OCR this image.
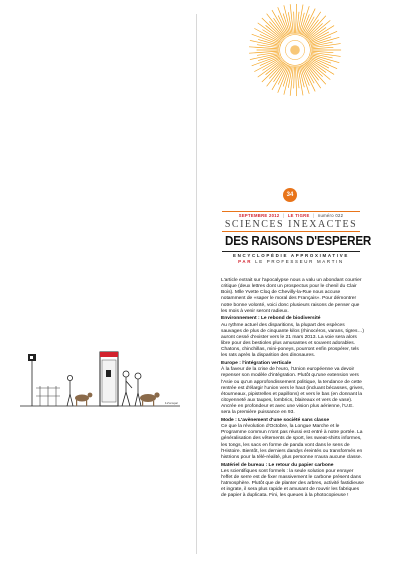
34
SEPTEMBRE 2012 | LE TIGRE | numéro 022
SCIENCES INEXACTES
DES RAISONS D'ESPERER
ENCYCLOPÉDIE APPROXIMATIVE
PAR LE PROFESSEUR MARTIN

L'article extrait sur l'apocalypse nous a valu un abondant courrier critique (deux lettres dont un prospectus pour le chenil du Clair Bois). Mlle Yvette Cloq de Chevilly-la-Rue nous accuse notamment de «saper le moral des Français». Pour démontrer notre bonne volonté, voici donc plusieurs raisons de penser que les mois à venir seront radieux.

Environnement : Le rebond de biodiversité

Au rythme actuel des disparitions, la plupart des espèces sauvages de plus de cinquante kilos (rhinocéros, varans, tigres…) auront cessé d'exister vers le 21 mars 2013. La voie sera alors libre pour des bestioles plus amusantes et souvent adorables. Chatons, chinchillas, mini-poneys, pourront enfin prospérer, tels les rats après la disparition des dinosaures.

Europe : l'intégration verticale

À la faveur de la crise de l'euro, l'Union européenne va devoir repenser son modèle d'intégration. Plutôt qu'une extension vers l'Asie ou qu'un approfondissement politique, la tendance de cette rentrée est d'élargir l'union vers le haut (incluant bécasses, grives, étourneaux, pipistrelles et papillons) et vers le bas (en donnant la citoyenneté aux taupes, lombrics, blaireaux et vers de vase). Ancrée en profondeur et avec une vision plus aérienne, l'U.E. sera la première puissance en 93.

Mode : L'avènement d'une société sans classe

Ce que la révolution d'Octobre, la Longue Marche et le Programme commun n'ont pas réussi est entré à notre portée. La généralisation des vêtements de sport, les sweat-shirts informes, les tongs, les sacs en forme de panda vont dans le sens de l'Histoire. Bientôt, les derniers dandys éreintés ou transformés en histrions pour la télé-réalité, plus personne n'aura aucune classe.

Matériel de bureau : Le retour du papier carbone

Les scientifiques sont formels : la seule solution pour enrayer l'effet de serre est de fixer massivement le carbone présent dans l'atmosphère. Plutôt que de planter des arbres, activité fastidieuse et ingrate, il sera plus rapide et amusant de rouvrir les fabriques de papier à duplicata. Fini, les queues à la photocopieuse !

Lévesque
